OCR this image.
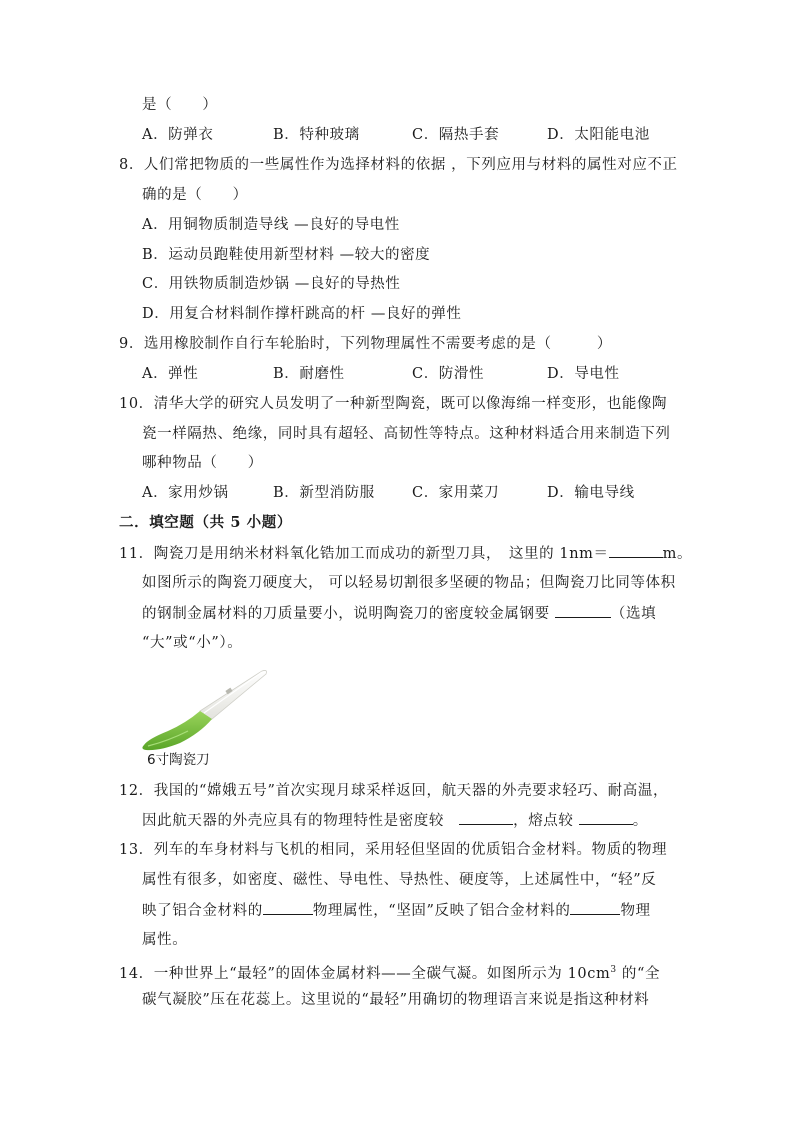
是（　　）
A．防弹衣	B．特种玻璃	C．隔热手套	D．太阳能电池
8．人们常把物质的一些属性作为选择材料的依据 ，下列应用与材料的属性对应不正
确的是（　　）
A．用铜物质制造导线 —良好的导电性
B．运动员跑鞋使用新型材料 —较大的密度
C．用铁物质制造炒锅 —良好的导热性
D．用复合材料制作撑杆跳高的杆 —良好的弹性
9．选用橡胶制作自行车轮胎时，下列物理属性不需要考虑的是（　　　）
A．弹性	B．耐磨性	C．防滑性	D．导电性
10．清华大学的研究人员发明了一种新型陶瓷，既可以像海绵一样变形，也能像陶
瓷一样隔热、绝缘，同时具有超轻、高韧性等特点。这种材料适合用来制造下列
哪种物品（　　）
A．家用炒锅	B．新型消防服	C．家用菜刀	D．输电导线
二．填空题（共 5 小题）
11．陶瓷刀是用纳米材料氧化锆加工而成功的新型刀具，　这里的 1nm＝	m。
如图所示的陶瓷刀硬度大， 可以轻易切割很多坚硬的物品；但陶瓷刀比同等体积
的钢制金属材料的刀质量要小，说明陶瓷刀的密度较金属钢要	（选填
“大”或“小”）。
6寸陶瓷刀
12．我国的“嫦娥五号”首次实现月球采样返回，航天器的外壳要求轻巧、耐高温，
因此航天器的外壳应具有的物理特性是密度较　	，熔点较	。
13．列车的车身材料与飞机的相同，采用轻但坚固的优质铝合金材料。物质的物理
属性有很多，如密度、磁性、导电性、导热性、硬度等，上述属性中，“轻”反
映了铝合金材料的	物理属性，“坚固”反映了铝合金材料的	物理
属性。
14．一种世界上“最轻”的固体金属材料——全碳气凝。如图所示为 $10cm^3$ 的“全
碳气凝胶”压在花蕊上。这里说的“最轻”用确切的物理语言来说是指这种材料
